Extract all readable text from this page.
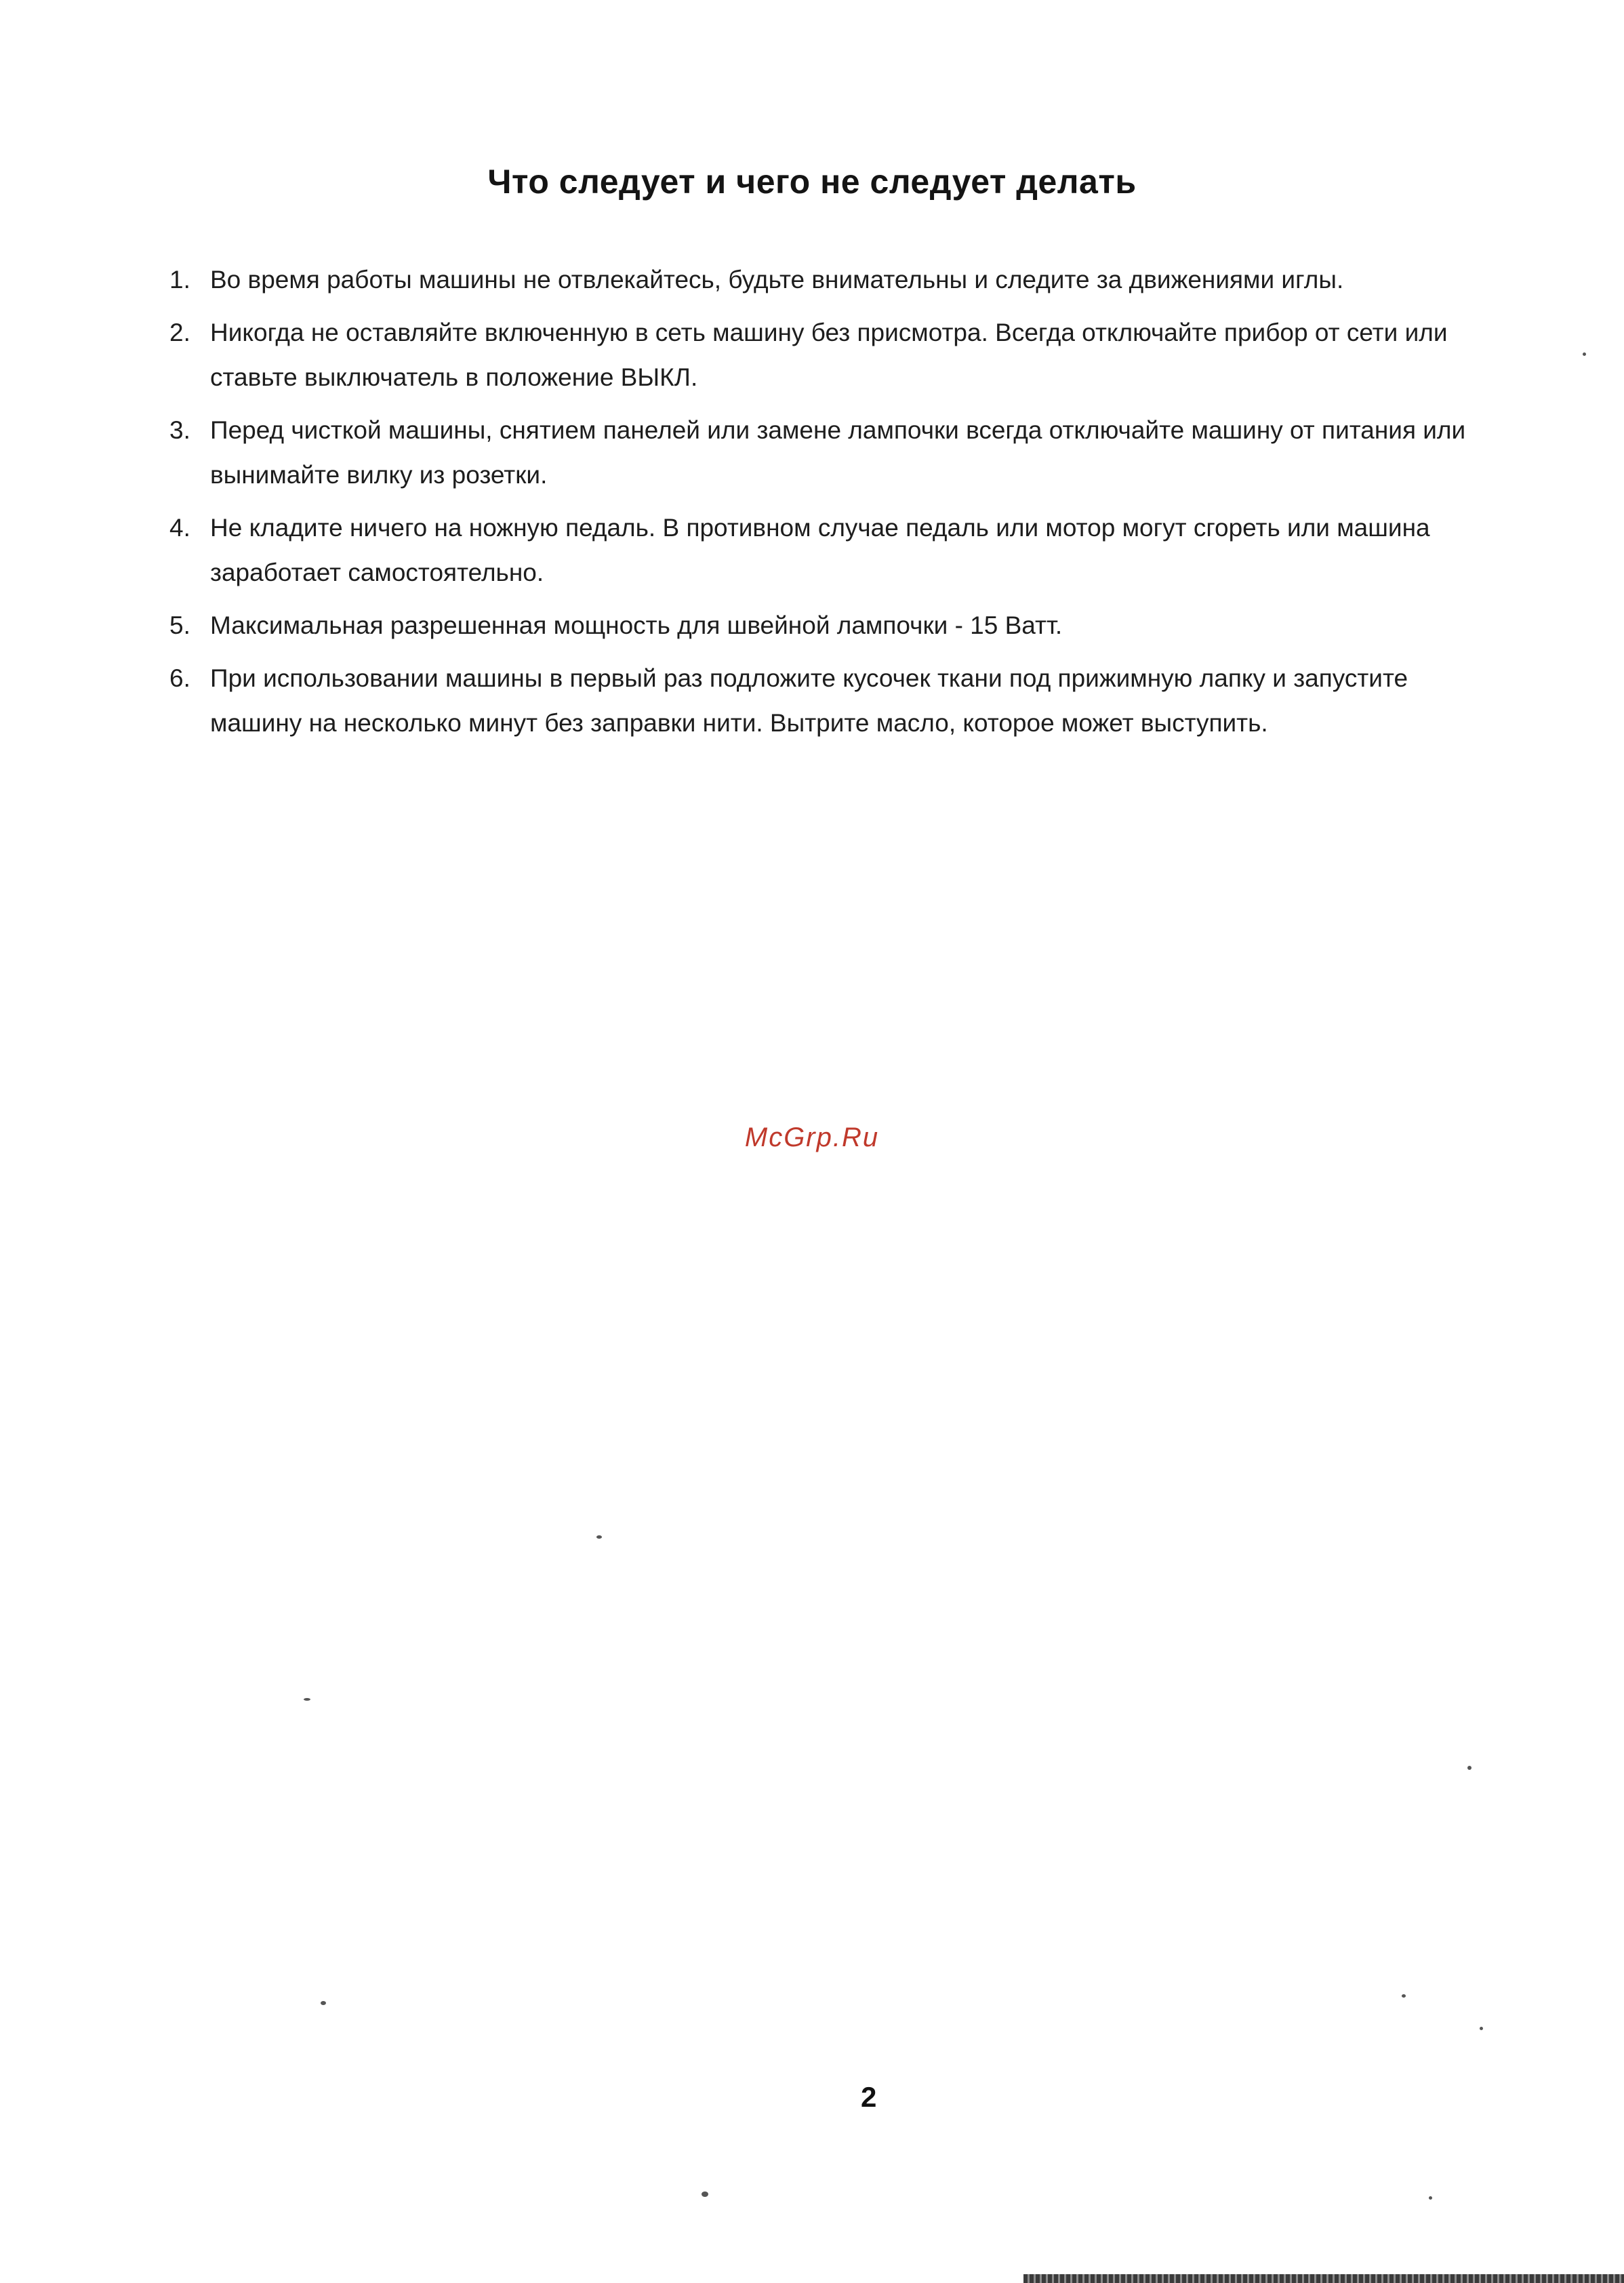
Что следует и чего не следует делать
1. Во время работы машины не отвлекайтесь, будьте внимательны и следите за движениями иглы.
2. Никогда не оставляйте включенную в сеть машину без присмотра. Всегда отключайте прибор от сети или ставьте выключатель в положение ВЫКЛ.
3. Перед чисткой машины, снятием панелей или замене лампочки всегда отключайте машину от питания или вынимайте вилку из розетки.
4. Не кладите ничего на ножную педаль. В противном случае педаль или мотор могут сгореть или машина заработает самостоятельно.
5. Максимальная разрешенная мощность для швейной лампочки - 15 Ватт.
6. При использовании машины в первый раз подложите кусочек ткани под прижимную лапку и запустите машину на несколько минут без заправки нити. Вытрите масло, которое может выступить.
McGrp.Ru
2
